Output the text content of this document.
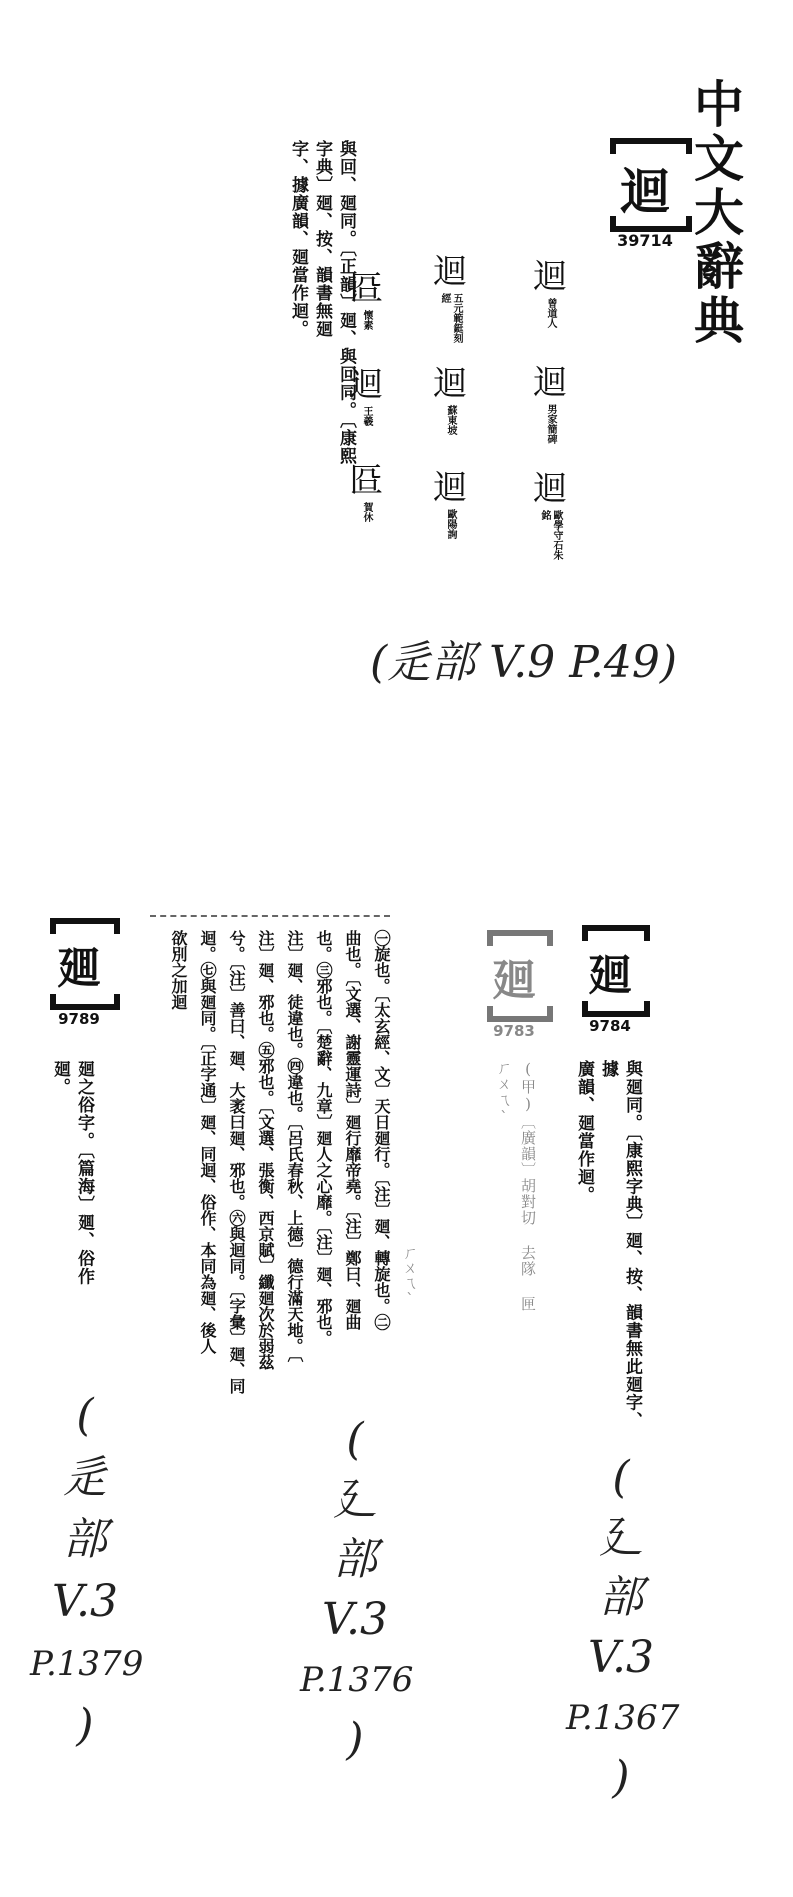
中文大辭典
迴
39714
與回、廻同。〔正韻〕廻、與回同。〔康熙字典〕廻、按、韻書無廻
字、據廣韻、廻當作迴。	迴
曾道人
迴
男家簡碑
迴
歐學守石朱銘
迴
五元範鋌刻經
迴
蘇東坡
迴
歐陽詢
㔯
懷素
迴
王羲
㔯
賀休
(辵部 V.9 P.49)
廻
9784
與廻同。〔康熙字典〕廻、按、韻書無此廻字、據
廣韻、廻當作迴。
(
廴
部
V.3
P.1367
)
廻
9783
(甲)〔廣韻〕胡對切 去隊 匣
ㄏㄨㄟˋ
ㄏㄨㄟˋ
㊀旋也。〔太玄經、文〕天日廻行。〔注〕廻、轉旋也。㊁
曲也。〔文選、謝靈運詩〕廻行靡帝堯。〔注〕鄭曰、廻曲
也。㊂邪也。〔楚辭、九章〕廻人之心靡。〔注〕廻、邪也。
注〕廻、徒違也。㊃違也。〔呂氏春秋、上德〕德行滿天地。〔
注〕廻、邪也。㊄邪也。〔文選、張衡、西京賦〕纖廻次於弱茲
兮。〔注〕善曰、廻、大袤曰廻、邪也。㊅與迴同。〔字彙〕廻、同
迴。㊆與廻同。〔正字通〕廻、同迴、俗作、本同為廻、後人
欲別之加迴
(
廴
部
V.3
P.1376
)
廽
9789
廻之俗字。〔篇海〕廽、俗作廻。
(
辵
部
V.3
P.1379
)
